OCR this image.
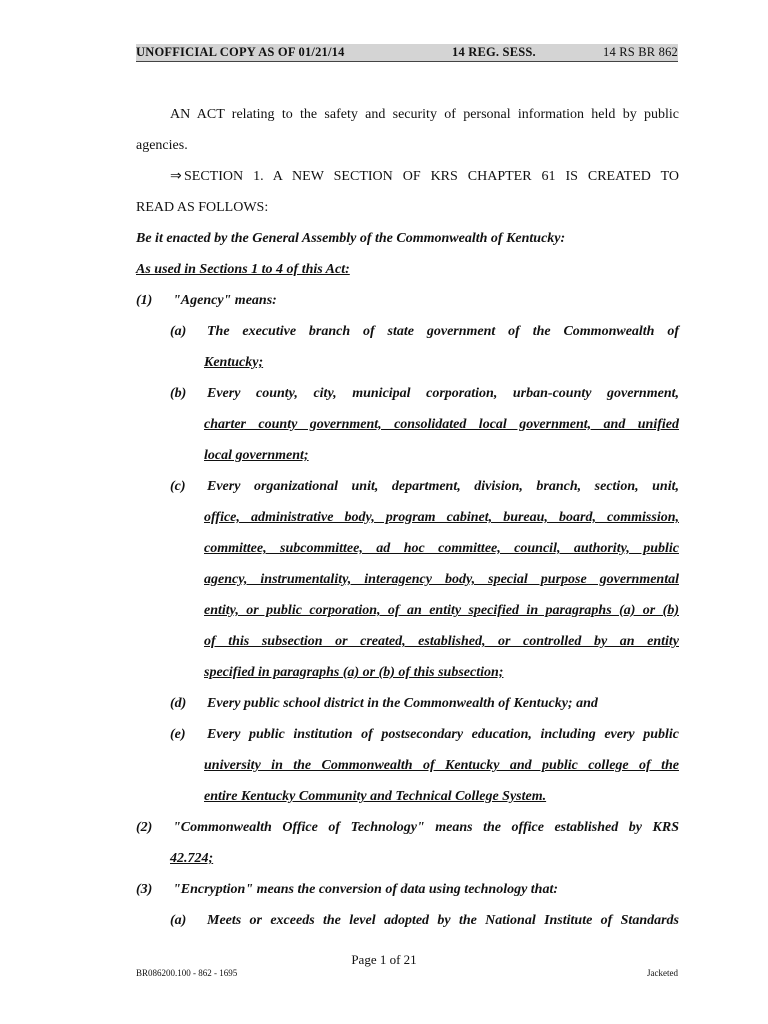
UNOFFICIAL COPY AS OF 01/21/14	14 REG. SESS.	14 RS BR 862
AN ACT relating to the safety and security of personal information held by public
agencies.
⇒ SECTION 1. A NEW SECTION OF KRS CHAPTER 61 IS CREATED TO
READ AS FOLLOWS:
Be it enacted by the General Assembly of the Commonwealth of Kentucky:
As used in Sections 1 to 4 of this Act:
(1) "Agency" means:
(a) The executive branch of state government of the Commonwealth of
Kentucky;
(b) Every county, city, municipal corporation, urban-county government,
charter county government, consolidated local government, and unified
local government;
(c) Every organizational unit, department, division, branch, section, unit,
office, administrative body, program cabinet, bureau, board, commission,
committee, subcommittee, ad hoc committee, council, authority, public
agency, instrumentality, interagency body, special purpose governmental
entity, or public corporation, of an entity specified in paragraphs (a) or (b)
of this subsection or created, established, or controlled by an entity
specified in paragraphs (a) or (b) of this subsection;
(d) Every public school district in the Commonwealth of Kentucky; and
(e) Every public institution of postsecondary education, including every public
university in the Commonwealth of Kentucky and public college of the
entire Kentucky Community and Technical College System.
(2) "Commonwealth Office of Technology" means the office established by KRS
42.724;
(3) "Encryption" means the conversion of data using technology that:
(a) Meets or exceeds the level adopted by the National Institute of Standards
Page 1 of 21
BR086200.100 - 862 - 1695	Jacketed
